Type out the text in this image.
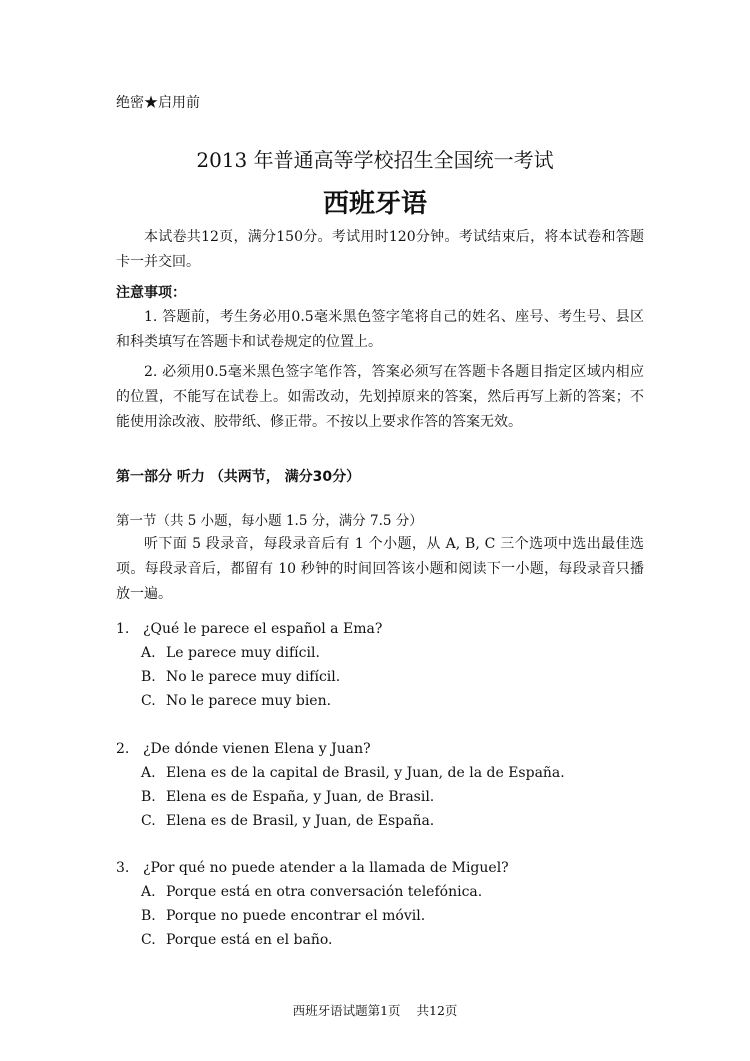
绝密★启用前
2013 年普通高等学校招生全国统一考试
西班牙语
本试卷共12页，满分150分。考试用时120分钟。考试结束后，将本试卷和答题卡一并交回。
注意事项：
1. 答题前，考生务必用0.5毫米黑色签字笔将自己的姓名、座号、考生号、县区和科类填写在答题卡和试卷规定的位置上。
2. 必须用0.5毫米黑色签字笔作答，答案必须写在答题卡各题目指定区域内相应的位置，不能写在试卷上。如需改动，先划掉原来的答案，然后再写上新的答案；不能使用涂改液、胶带纸、修正带。不按以上要求作答的答案无效。
第一部分 听力 （共两节， 满分30分）
第一节（共 5 小题，每小题 1.5 分，满分 7.5 分）
听下面 5 段录音，每段录音后有 1 个小题，从 A, B, C 三个选项中选出最佳选项。每段录音后，都留有 10 秒钟的时间回答该小题和阅读下一小题，每段录音只播放一遍。
1. ¿Qué le parece el español a Ema?
A. Le parece muy difícil.
B. No le parece muy difícil.
C. No le parece muy bien.
2. ¿De dónde vienen Elena y Juan?
A. Elena es de la capital de Brasil, y Juan, de la de España.
B. Elena es de España, y Juan, de Brasil.
C. Elena es de Brasil, y Juan, de España.
3. ¿Por qué no puede atender a la llamada de Miguel?
A. Porque está en otra conversación telefónica.
B. Porque no puede encontrar el móvil.
C. Porque está en el baño.
西班牙语试题第1页 共12页
